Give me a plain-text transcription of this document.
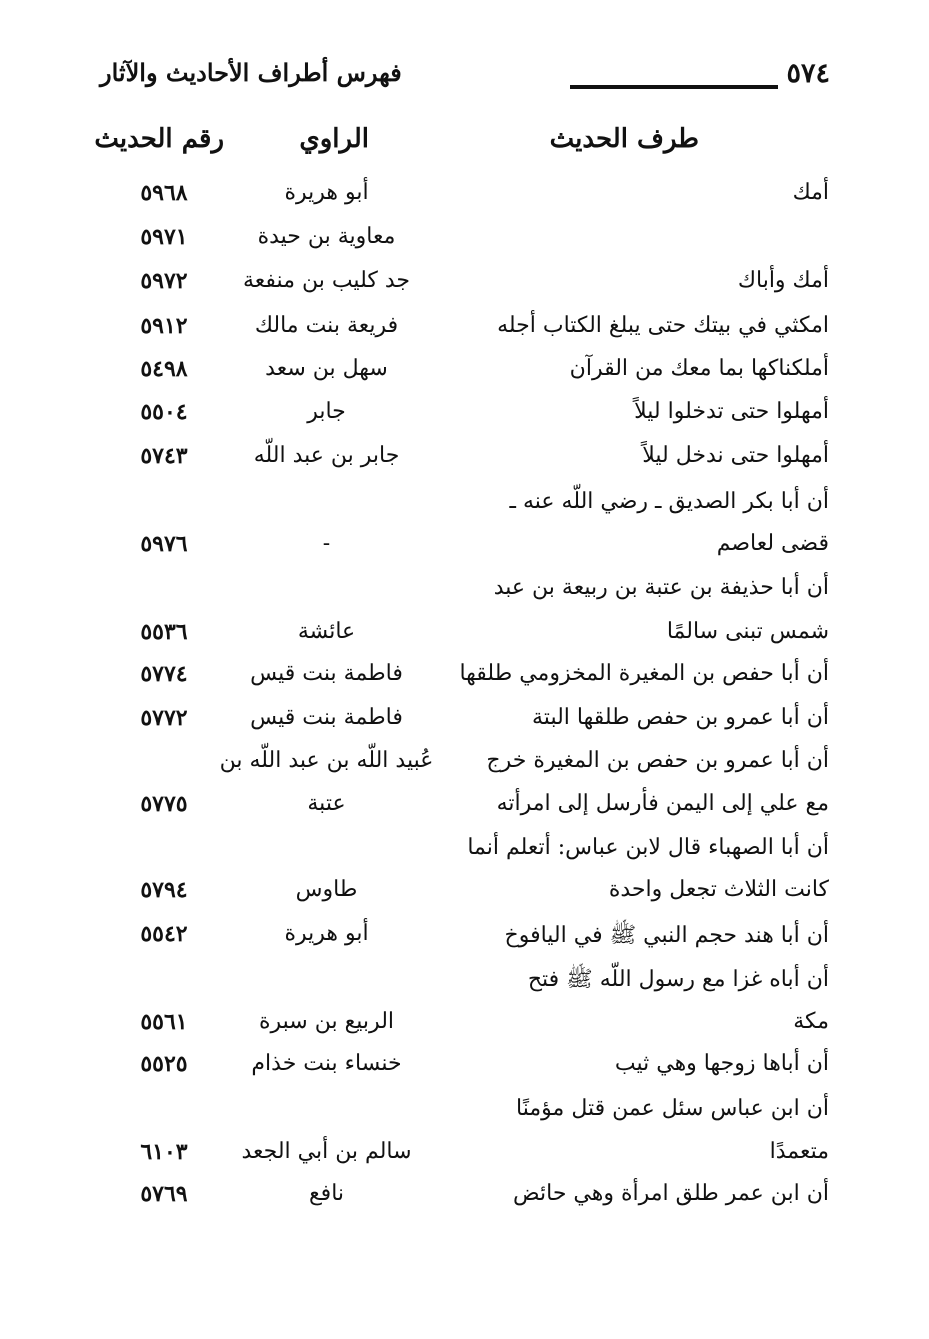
٥٧٤
فهرس أطراف الأحاديث والآثار
طرف الحديث
الراوي
رقم الحديث
أمك
أبو هريرة
٥٩٦٨
معاوية بن حيدة
٥٩٧١
أمك وأباك
جد كليب بن منفعة
٥٩٧٢
امكثي في بيتك حتى يبلغ الكتاب أجله
فريعة بنت مالك
٥٩١٢
أملكناكها بما معك من القرآن
سهل بن سعد
٥٤٩٨
أمهلوا حتى تدخلوا ليلاً
جابر
٥٥٠٤
أمهلوا حتى ندخل ليلاً
جابر بن عبد اللّه
٥٧٤٣
أن أبا بكر الصديق ـ رضي اللّه عنه ـ
قضى لعاصم
-
٥٩٧٦
أن أبا حذيفة بن عتبة بن ربيعة بن عبد
شمس تبنى سالمًا
عائشة
٥٥٣٦
أن أبا حفص بن المغيرة المخزومي طلقها
فاطمة بنت قيس
٥٧٧٤
أن أبا عمرو بن حفص طلقها البتة
فاطمة بنت قيس
٥٧٧٢
أن أبا عمرو بن حفص بن المغيرة خرج
عُبيد اللّه بن عبد اللّه بن
مع علي إلى اليمن فأرسل إلى امرأته
عتبة
٥٧٧٥
أن أبا الصهباء قال لابن عباس: أتعلم أنما
كانت الثلاث تجعل واحدة
طاوس
٥٧٩٤
أن أبا هند حجم النبي ﷺ في اليافوخ
أبو هريرة
٥٥٤٢
أن أباه غزا مع رسول اللّه ﷺ فتح
مكة
الربيع بن سبرة
٥٥٦١
أن أباها زوجها وهي ثيب
خنساء بنت خذام
٥٥٢٥
أن ابن عباس سئل عمن قتل مؤمنًا
متعمدًا
سالم بن أبي الجعد
٦١٠٣
أن ابن عمر طلق امرأة وهي حائض
نافع
٥٧٦٩
